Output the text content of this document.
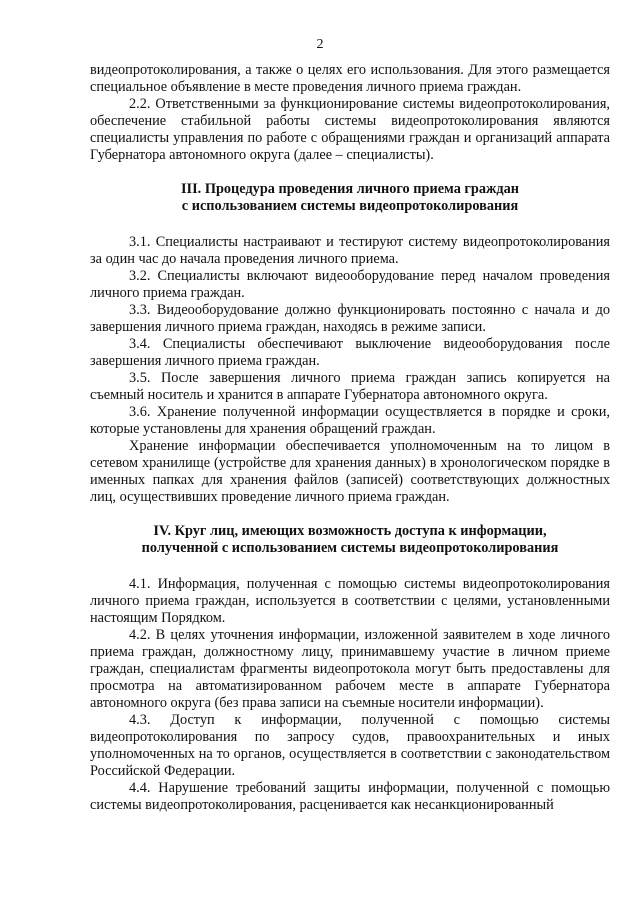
2

видеопротоколирования, а также о целях его использования. Для этого размещается специальное объявление в месте проведения личного приема граждан.

2.2. Ответственными за функционирование системы видеопротоколирования, обеспечение стабильной работы системы видеопротоколирования являются специалисты управления по работе с обращениями граждан и организаций аппарата Губернатора автономного округа (далее – специалисты).

III. Процедура проведения личного приема граждан

с использованием системы видеопротоколирования

3.1. Специалисты настраивают и тестируют систему видеопротоколирования за один час до начала проведения личного приема.

3.2. Специалисты включают видеооборудование перед началом проведения личного приема граждан.

3.3. Видеооборудование должно функционировать постоянно с начала и до завершения личного приема граждан, находясь в режиме записи.

3.4. Специалисты обеспечивают выключение видеооборудования после завершения личного приема граждан.

3.5. После завершения личного приема граждан запись копируется на съемный носитель и хранится в аппарате Губернатора автономного округа.

3.6. Хранение полученной информации осуществляется в порядке и сроки, которые установлены для хранения обращений граждан.

Хранение информации обеспечивается уполномоченным на то лицом в сетевом хранилище (устройстве для хранения данных) в хронологическом порядке в именных папках для хранения файлов (записей) соответствующих должностных лиц, осуществивших проведение личного приема граждан.

IV. Круг лиц, имеющих возможность доступа к информации,

полученной с использованием системы видеопротоколирования

4.1. Информация, полученная с помощью системы видеопротоколирования личного приема граждан, используется в соответствии с целями, установленными настоящим Порядком.

4.2. В целях уточнения информации, изложенной заявителем в ходе личного приема граждан, должностному лицу, принимавшему участие в личном приеме граждан, специалистам фрагменты видеопротокола могут быть предоставлены для просмотра на автоматизированном рабочем месте в аппарате Губернатора автономного округа (без права записи на съемные носители информации).

4.3. Доступ к информации, полученной с помощью системы видеопротоколирования по запросу судов, правоохранительных и иных уполномоченных на то органов, осуществляется в соответствии с законодательством Российской Федерации.

4.4. Нарушение требований защиты информации, полученной с помощью системы видеопротоколирования, расценивается как несанкционированный
